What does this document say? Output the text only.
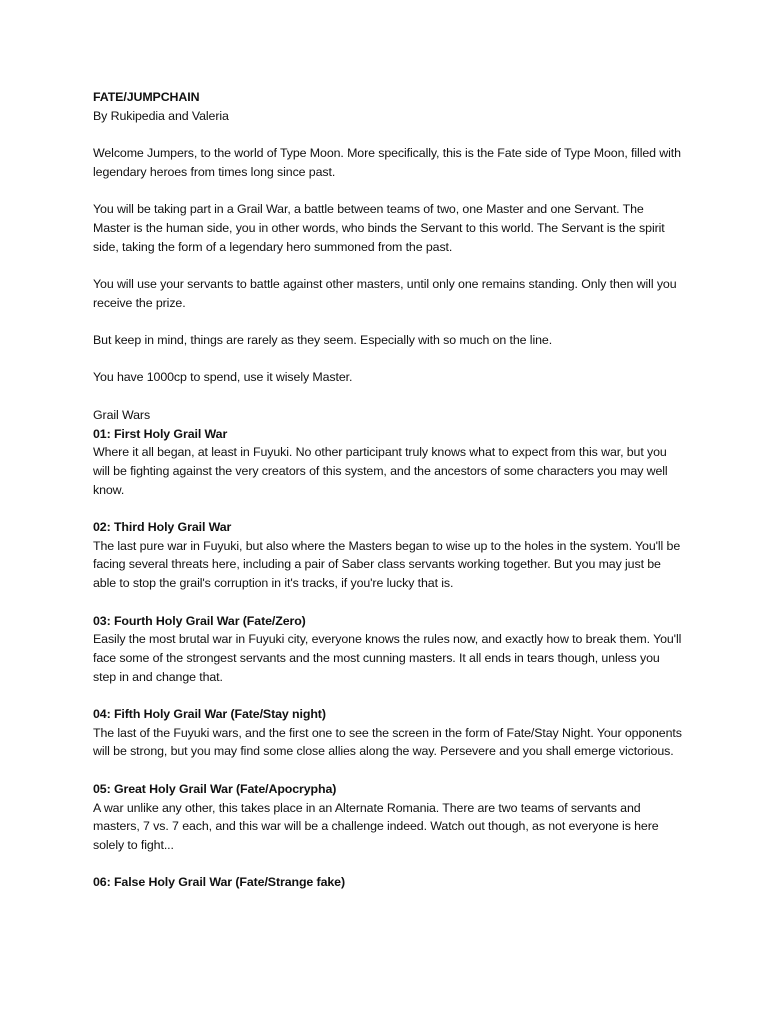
FATE/JUMPCHAIN

By Rukipedia and Valeria

Welcome Jumpers, to the world of Type Moon. More specifically, this is the Fate side of Type Moon, filled with legendary heroes from times long since past.

You will be taking part in a Grail War, a battle between teams of two, one Master and one Servant. The Master is the human side, you in other words, who binds the Servant to this world. The Servant is the spirit side, taking the form of a legendary hero summoned from the past.

You will use your servants to battle against other masters, until only one remains standing. Only then will you receive the prize.

But keep in mind, things are rarely as they seem. Especially with so much on the line.

You have 1000cp to spend, use it wisely Master.

Grail Wars

01: First Holy Grail War

Where it all began, at least in Fuyuki. No other participant truly knows what to expect from this war, but you will be fighting against the very creators of this system, and the ancestors of some characters you may well know.

02: Third Holy Grail War

The last pure war in Fuyuki, but also where the Masters began to wise up to the holes in the system. You'll be facing several threats here, including a pair of Saber class servants working together. But you may just be able to stop the grail's corruption in it's tracks, if you're lucky that is.

03: Fourth Holy Grail War (Fate/Zero)

Easily the most brutal war in Fuyuki city, everyone knows the rules now, and exactly how to break them. You'll face some of the strongest servants and the most cunning masters. It all ends in tears though, unless you step in and change that.

04: Fifth Holy Grail War (Fate/Stay night)

The last of the Fuyuki wars, and the first one to see the screen in the form of Fate/Stay Night. Your opponents will be strong, but you may find some close allies along the way. Persevere and you shall emerge victorious.

05: Great Holy Grail War (Fate/Apocrypha)

A war unlike any other, this takes place in an Alternate Romania. There are two teams of servants and masters, 7 vs. 7 each, and this war will be a challenge indeed. Watch out though, as not everyone is here solely to fight...

06: False Holy Grail War (Fate/Strange fake)
